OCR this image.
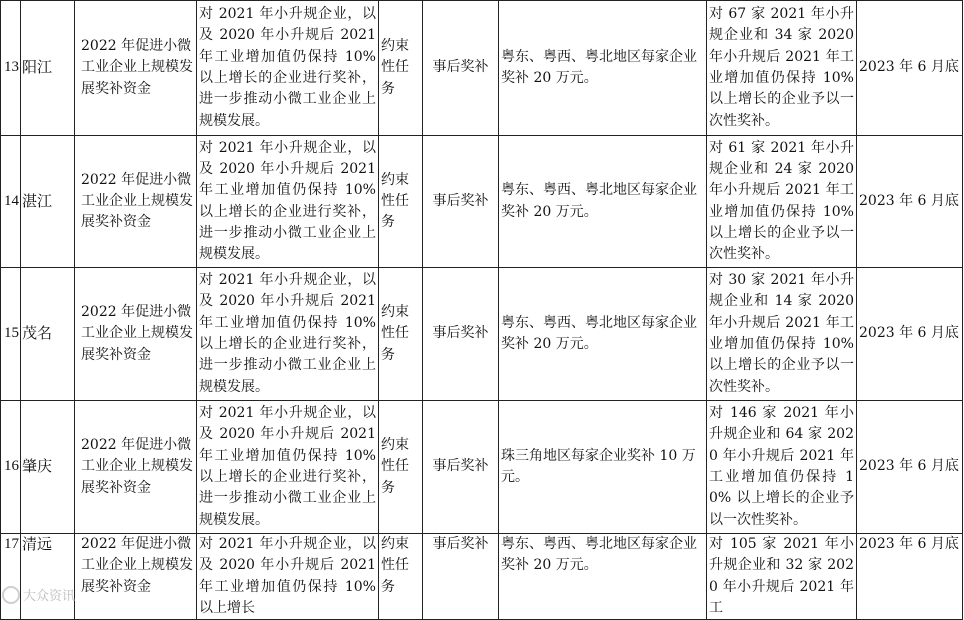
13	阳江	2022 年促进小微工业企业上规模发展奖补资金	对 2021 年小升规企业，以及 2020 年小升规后 2021 年工业增加值仍保持 10% 以上增长的企业进行奖补，进一步推动小微工业企业上规模发展。	约束性任务	事后奖补	粤东、粤西、粤北地区每家企业奖补 20 万元。	对 67 家 2021 年小升规企业和 34 家 2020 年小升规后 2021 年工业增加值仍保持 10% 以上增长的企业予以一次性奖补。	2023 年 6 月底
14	湛江	2022 年促进小微工业企业上规模发展奖补资金	对 2021 年小升规企业，以及 2020 年小升规后 2021 年工业增加值仍保持 10% 以上增长的企业进行奖补，进一步推动小微工业企业上规模发展。	约束性任务	事后奖补	粤东、粤西、粤北地区每家企业奖补 20 万元。	对 61 家 2021 年小升规企业和 24 家 2020 年小升规后 2021 年工业增加值仍保持 10% 以上增长的企业予以一次性奖补。	2023 年 6 月底
15	茂名	2022 年促进小微工业企业上规模发展奖补资金	对 2021 年小升规企业，以及 2020 年小升规后 2021 年工业增加值仍保持 10% 以上增长的企业进行奖补，进一步推动小微工业企业上规模发展。	约束性任务	事后奖补	粤东、粤西、粤北地区每家企业奖补 20 万元。	对 30 家 2021 年小升规企业和 14 家 2020 年小升规后 2021 年工业增加值仍保持 10% 以上增长的企业予以一次性奖补。	2023 年 6 月底
16	肇庆	2022 年促进小微工业企业上规模发展奖补资金	对 2021 年小升规企业，以及 2020 年小升规后 2021 年工业增加值仍保持 10% 以上增长的企业进行奖补，进一步推动小微工业企业上规模发展。	约束性任务	事后奖补	珠三角地区每家企业奖补 10 万元。	对 146 家 2021 年小升规企业和 64 家 2020 年小升规后 2021 年工业增加值仍保持 10% 以上增长的企业予以一次性奖补。	2023 年 6 月底
17	清远	2022 年促进小微工业企业上规模发展奖补资金	对 2021 年小升规企业，以及 2020 年小升规后 2021 年工业增加值仍保持 10% 以上增长	约束性任务	事后奖补	粤东、粤西、粤北地区每家企业奖补 20 万元。	对 105 家 2021 年小升规企业和 32 家 2020 年小升规后 2021 年工	2023 年 6 月底
大众资讯
